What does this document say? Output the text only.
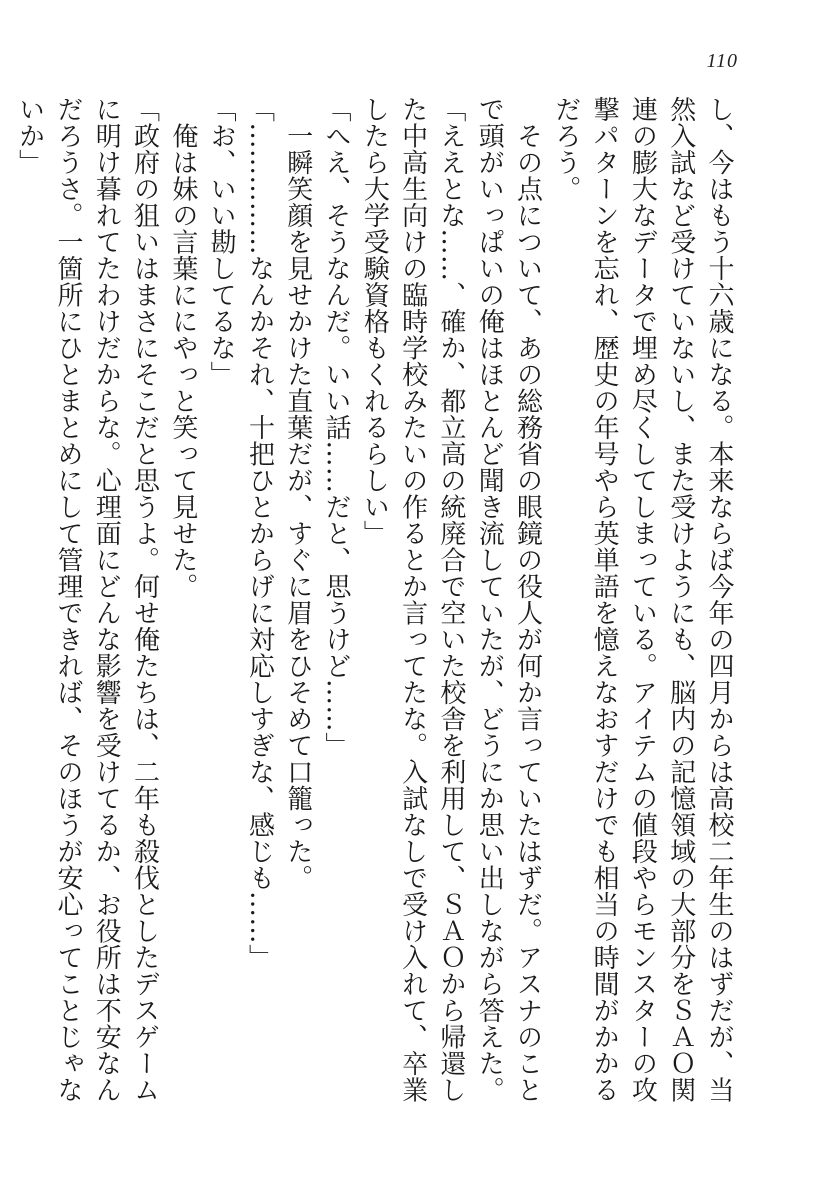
110

し、今はもう十六歳になる。本来ならば今年の四月からは高校二年生のはずだが、当然入試など受けていないし、また受けようにも、脳内の記憶領域の大部分をＳＡＯ関連の膨大なデータで埋め尽くしてしまっている。アイテムの値段やらモンスターの攻撃パターンを忘れ、歴史の年号やら英単語を憶えなおすだけでも相当の時間がかかるだろう。

　その点について、あの総務省の眼鏡の役人が何か言っていたはずだ。アスナのことで頭がいっぱいの俺はほとんど聞き流していたが、どうにか思い出しながら答えた。

「ええとな……、確か、都立高の統廃合で空いた校舎を利用して、ＳＡＯから帰還した中高生向けの臨時学校みたいの作るとか言ってたな。入試なしで受け入れて、卒業したら大学受験資格もくれるらしい」

「へえ、そうなんだ。いい話……だと、思うけど……」

　一瞬笑顔を見せかけた直葉だが、すぐに眉をひそめて口籠った。

「……………なんかそれ、十把ひとからげに対応しすぎな、感じも……」

「お、いい勘してるな」

　俺は妹の言葉ににやっと笑って見せた。

「政府の狙いはまさにそこだと思うよ。何せ俺たちは、二年も殺伐としたデスゲームに明け暮れてたわけだからな。心理面にどんな影響を受けてるか、お役所は不安なんだろうさ。一箇所にひとまとめにして管理できれば、そのほうが安心ってことじゃないか」
